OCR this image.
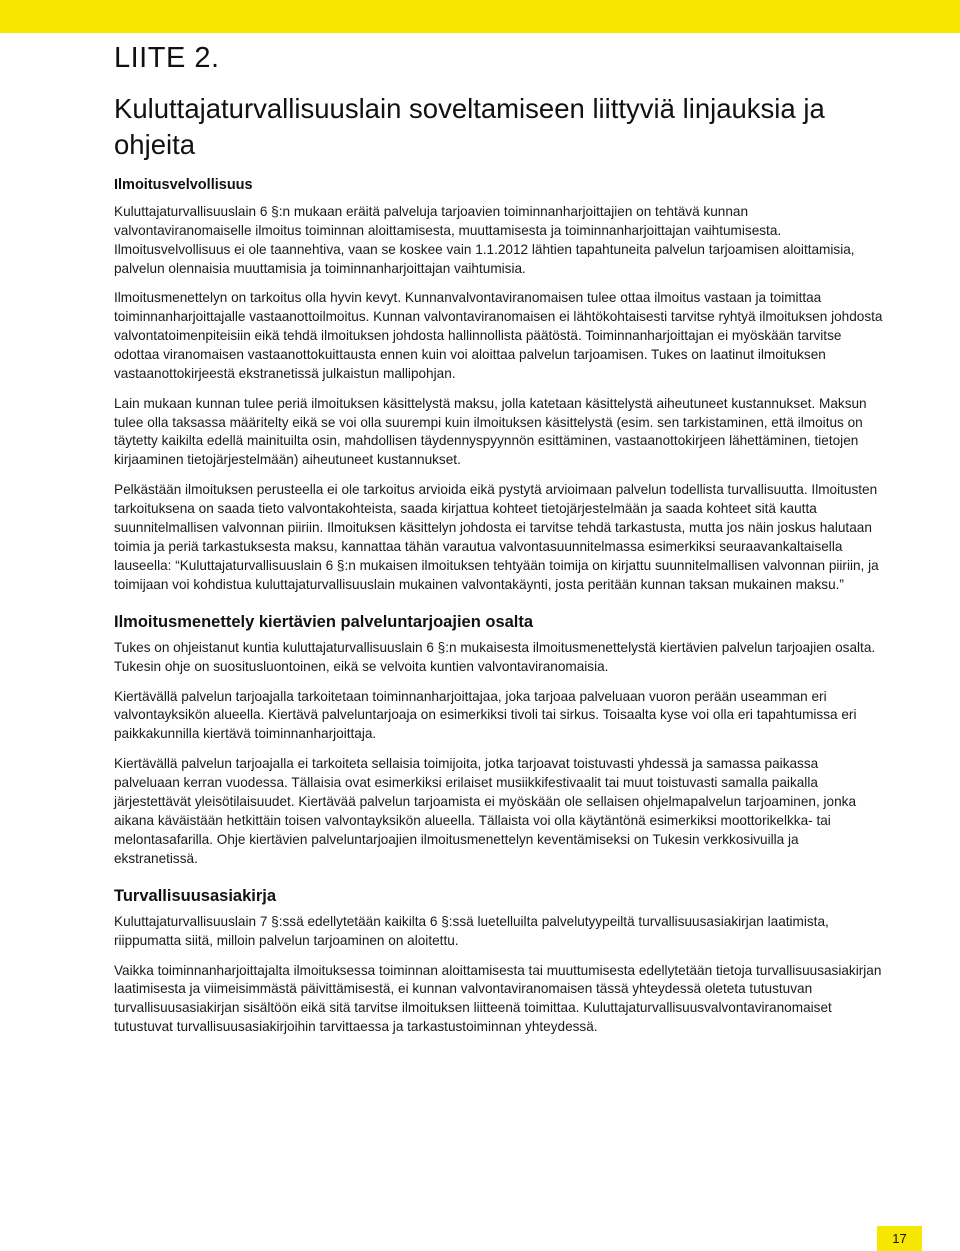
LIITE 2.
Kuluttajaturvallisuuslain soveltamiseen liittyviä linjauksia ja ohjeita
Ilmoitusvelvollisuus

Kuluttajaturvallisuuslain 6 §:n mukaan eräitä palveluja tarjoavien toiminnanharjoittajien on tehtävä kunnan valvontaviranomaiselle ilmoitus toiminnan aloittamisesta, muuttamisesta ja toiminnanharjoittajan vaihtumisesta. Ilmoitusvelvollisuus ei ole taannehtiva, vaan se koskee vain 1.1.2012 lähtien tapahtuneita palvelun tarjoamisen aloittamisia, palvelun olennaisia muuttamisia ja toiminnanharjoittajan vaihtumisia.

Ilmoitusmenettelyn on tarkoitus olla hyvin kevyt. Kunnanvalvontaviranomaisen tulee ottaa ilmoitus vastaan ja toimittaa toiminnanharjoittajalle vastaanottoilmoitus. Kunnan valvontaviranomaisen ei lähtökohtaisesti tarvitse ryhtyä ilmoituksen johdosta valvontatoimenpiteisiin eikä tehdä ilmoituksen johdosta hallinnollista päätöstä. Toiminnanharjoittajan ei myöskään tarvitse odottaa viranomaisen vastaanottokuittausta ennen kuin voi aloittaa palvelun tarjoamisen. Tukes on laatinut ilmoituksen vastaanottokirjeestä ekstranetissä julkaistun mallipohjan.

Lain mukaan kunnan tulee periä ilmoituksen käsittelystä maksu, jolla katetaan käsittelystä aiheutuneet kustannukset. Maksun tulee olla taksassa määritelty eikä se voi olla suurempi kuin ilmoituksen käsittelystä (esim. sen tarkistaminen, että ilmoitus on täytetty kaikilta edellä mainituilta osin, mahdollisen täydennyspyynnön esittäminen, vastaanottokirjeen lähettäminen, tietojen kirjaaminen tietojärjestelmään) aiheutuneet kustannukset.

Pelkästään ilmoituksen perusteella ei ole tarkoitus arvioida eikä pystytä arvioimaan palvelun todellista turvallisuutta. Ilmoitusten tarkoituksena on saada tieto valvontakohteista, saada kirjattua kohteet tietojärjestelmään ja saada kohteet sitä kautta suunnitelmallisen valvonnan piiriin. Ilmoituksen käsittelyn johdosta ei tarvitse tehdä tarkastusta, mutta jos näin joskus halutaan toimia ja periä tarkastuksesta maksu, kannattaa tähän varautua valvontasuunnitelmassa esimerkiksi seuraavankaltaisella lauseella: “Kuluttajaturvallisuuslain 6 §:n mukaisen ilmoituksen tehtyään toimija on kirjattu suunnitelmallisen valvonnan piiriin, ja toimijaan voi kohdistua kuluttajaturvallisuuslain mukainen valvontakäynti, josta peritään kunnan taksan mukainen maksu.”

Ilmoitusmenettely kiertävien palveluntarjoajien osalta

Tukes on ohjeistanut kuntia kuluttajaturvallisuuslain 6 §:n mukaisesta ilmoitusmenettelystä kiertävien palvelun tarjoajien osalta. Tukesin ohje on suositusluontoinen, eikä se velvoita kuntien valvontaviranomaisia.

Kiertävällä palvelun tarjoajalla tarkoitetaan toiminnanharjoittajaa, joka tarjoaa palveluaan vuoron perään useamman eri valvontayksikön alueella. Kiertävä palveluntarjoaja on esimerkiksi tivoli tai sirkus. Toisaalta kyse voi olla eri tapahtumissa eri paikkakunnilla kiertävä toiminnanharjoittaja.

Kiertävällä palvelun tarjoajalla ei tarkoiteta sellaisia toimijoita, jotka tarjoavat toistuvasti yhdessä ja samassa paikassa palveluaan kerran vuodessa. Tällaisia ovat esimerkiksi erilaiset musiikkifestivaalit tai muut toistuvasti samalla paikalla järjestettävät yleisötilaisuudet. Kiertävää palvelun tarjoamista ei myöskään ole sellaisen ohjelmapalvelun tarjoaminen, jonka aikana käväistään hetkittäin toisen valvontayksikön alueella. Tällaista voi olla käytäntönä esimerkiksi moottorikelkka- tai melontasafarilla. Ohje kiertävien palveluntarjoajien ilmoitusmenettelyn keventämiseksi on Tukesin verkkosivuilla ja ekstranetissä.

Turvallisuusasiakirja

Kuluttajaturvallisuuslain 7 §:ssä edellytetään kaikilta 6 §:ssä luetelluilta palvelutyypeiltä turvallisuusasiakirjan laatimista, riippumatta siitä, milloin palvelun tarjoaminen on aloitettu.

Vaikka toiminnanharjoittajalta ilmoituksessa toiminnan aloittamisesta tai muuttumisesta edellytetään tietoja turvallisuusasiakirjan laatimisesta ja viimeisimmästä päivittämisestä, ei kunnan valvontaviranomaisen tässä yhteydessä oleteta tutustuvan turvallisuusasiakirjan sisältöön eikä sitä tarvitse ilmoituksen liitteenä toimittaa. Kuluttajaturvallisuusvalvontaviranomaiset tutustuvat turvallisuusasiakirjoihin tarvittaessa ja tarkastustoiminnan yhteydessä.

17
